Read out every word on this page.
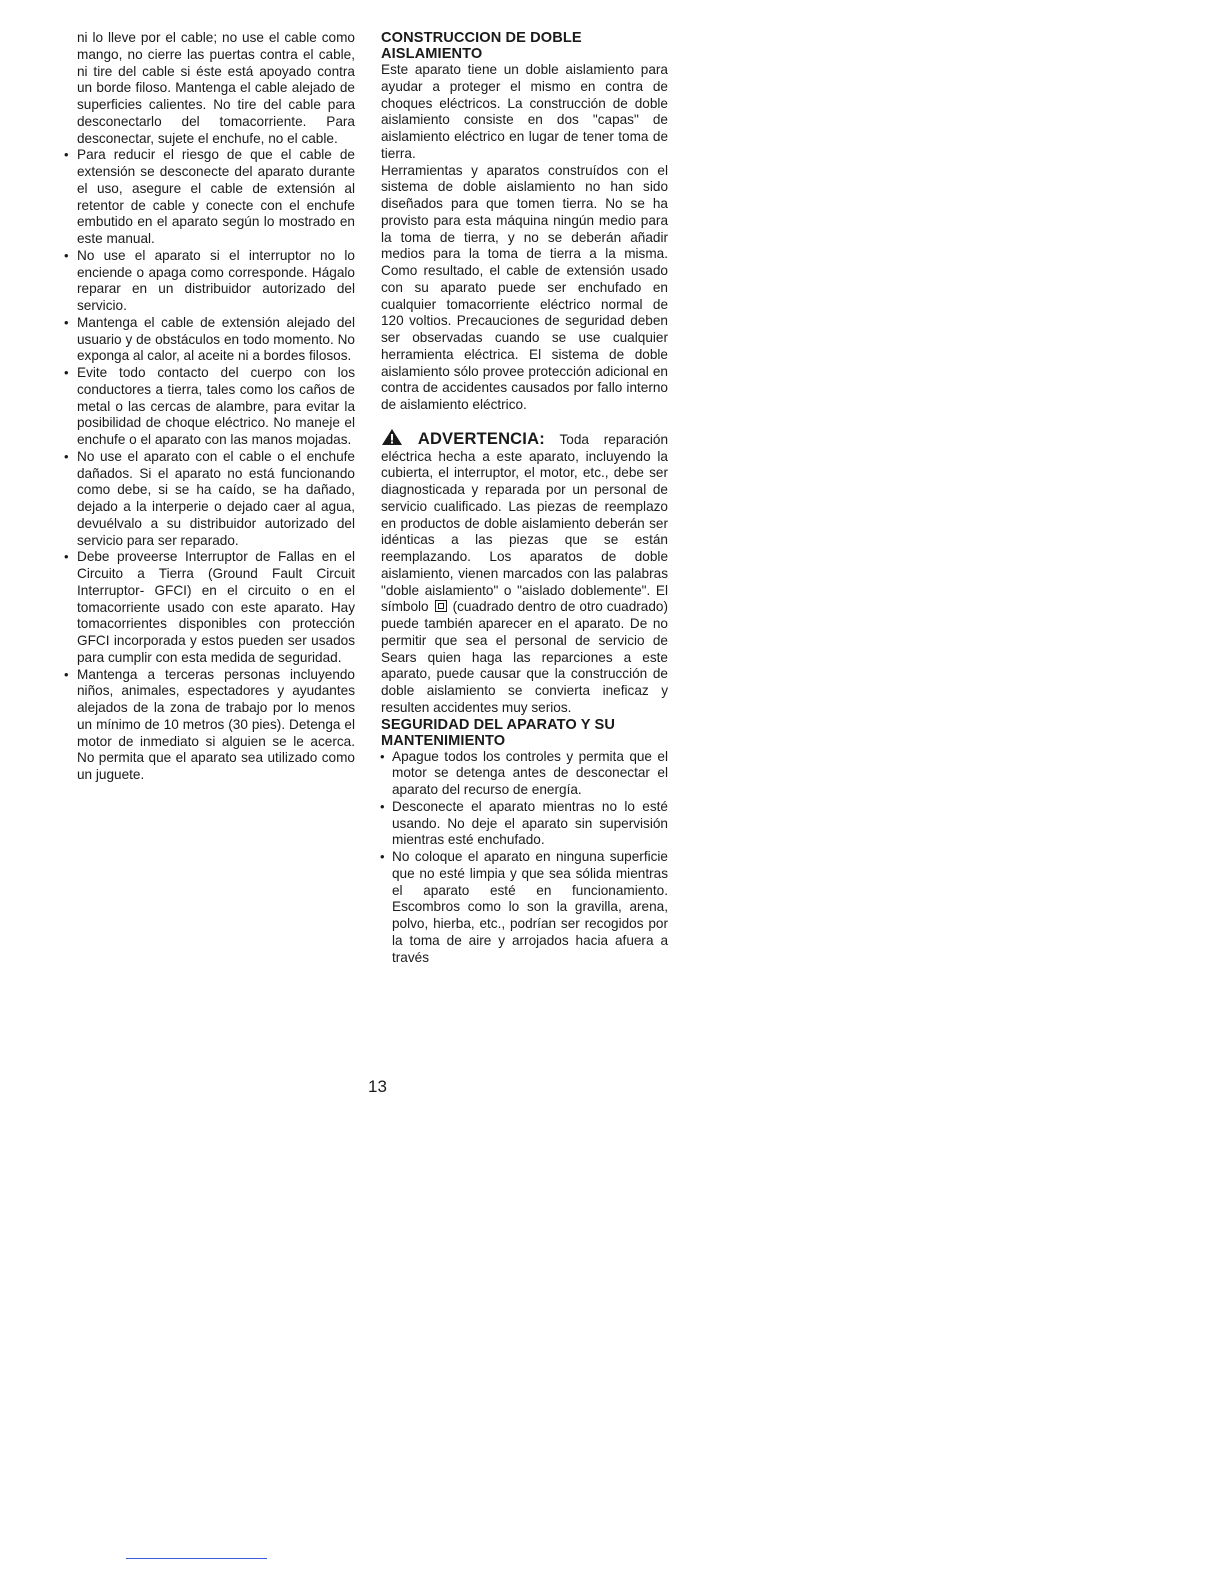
ni lo lleve por el cable; no use el cable como mango, no cierre las puertas contra el cable, ni tire del cable si éste está apoyado contra un borde filoso. Mantenga el cable alejado de superficies calientes. No tire del cable para desconectarlo del tomacorriente. Para desconectar, sujete el enchufe, no el cable.

• Para reducir el riesgo de que el cable de extensión se desconecte del aparato durante el uso, asegure el cable de extensión al retentor de cable y conecte con el enchufe embutido en el aparato según lo mostrado en este manual.
• No use el aparato si el interruptor no lo enciende o apaga como corresponde. Hágalo reparar en un distribuidor autorizado del servicio.
• Mantenga el cable de extensión alejado del usuario y de obstáculos en todo momento. No exponga al calor, al aceite ni a bordes filosos.
• Evite todo contacto del cuerpo con los conductores a tierra, tales como los caños de metal o las cercas de alambre, para evitar la posibilidad de choque eléctrico. No maneje el enchufe o el aparato con las manos mojadas.
• No use el aparato con el cable o el enchufe dañados. Si el aparato no está funcionando como debe, si se ha caído, se ha dañado, dejado a la interperie o dejado caer al agua, devuélvalo a su distribuidor autorizado del servicio para ser reparado.
• Debe proveerse Interruptor de Fallas en el Circuito a Tierra (Ground Fault Circuit Interruptor- GFCI) en el circuito o en el tomacorriente usado con este aparato. Hay tomacorrientes disponibles con protección GFCI incorporada y estos pueden ser usados para cumplir con esta medida de seguridad.
• Mantenga a terceras personas incluyendo niños, animales, espectadores y ayudantes alejados de la zona de trabajo por lo menos un mínimo de 10 metros (30 pies). Detenga el motor de inmediato si alguien se le acerca. No permita que el aparato sea utilizado como un juguete.
CONSTRUCCION DE DOBLE AISLAMIENTO

Este aparato tiene un doble aislamiento para ayudar a proteger el mismo en contra de choques eléctricos. La construcción de doble aislamiento consiste en dos "capas" de aislamiento eléctrico en lugar de tener toma de tierra.

Herramientas y aparatos construídos con el sistema de doble aislamiento no han sido diseñados para que tomen tierra. No se ha provisto para esta máquina ningún medio para la toma de tierra, y no se deberán añadir medios para la toma de tierra a la misma. Como resultado, el cable de extensión usado con su aparato puede ser enchufado en cualquier tomacorriente eléctrico normal de 120 voltios. Precauciones de seguridad deben ser observadas cuando se use cualquier herramienta eléctrica. El sistema de doble aislamiento sólo provee protección adicional en contra de accidentes causados por fallo interno de aislamiento eléctrico.

ADVERTENCIA: Toda reparación eléctrica hecha a este aparato, incluyendo la cubierta, el interruptor, el motor, etc., debe ser diagnosticada y reparada por un personal de servicio cualificado. Las piezas de reemplazo en productos de doble aislamiento deberán ser idénticas a las piezas que se están reemplazando. Los aparatos de doble aislamiento, vienen marcados con las palabras "doble aislamiento" o "aislado doblemente". El símbolo (cuadrado dentro de otro cuadrado) puede también aparecer en el aparato. De no permitir que sea el personal de servicio de Sears quien haga las reparciones a este aparato, puede causar que la construcción de doble aislamiento se convierta ineficaz y resulten accidentes muy serios.

SEGURIDAD DEL APARATO Y SU MANTENIMIENTO
• Apague todos los controles y permita que el motor se detenga antes de desconectar el aparato del recurso de energía.
• Desconecte el aparato mientras no lo esté usando. No deje el aparato sin supervisión mientras esté enchufado.
• No coloque el aparato en ninguna superficie que no esté limpia y que sea sólida mientras el aparato esté en funcionamiento. Escombros como lo son la gravilla, arena, polvo, hierba, etc., podrían ser recogidos por la toma de aire y arrojados hacia afuera a través
13
